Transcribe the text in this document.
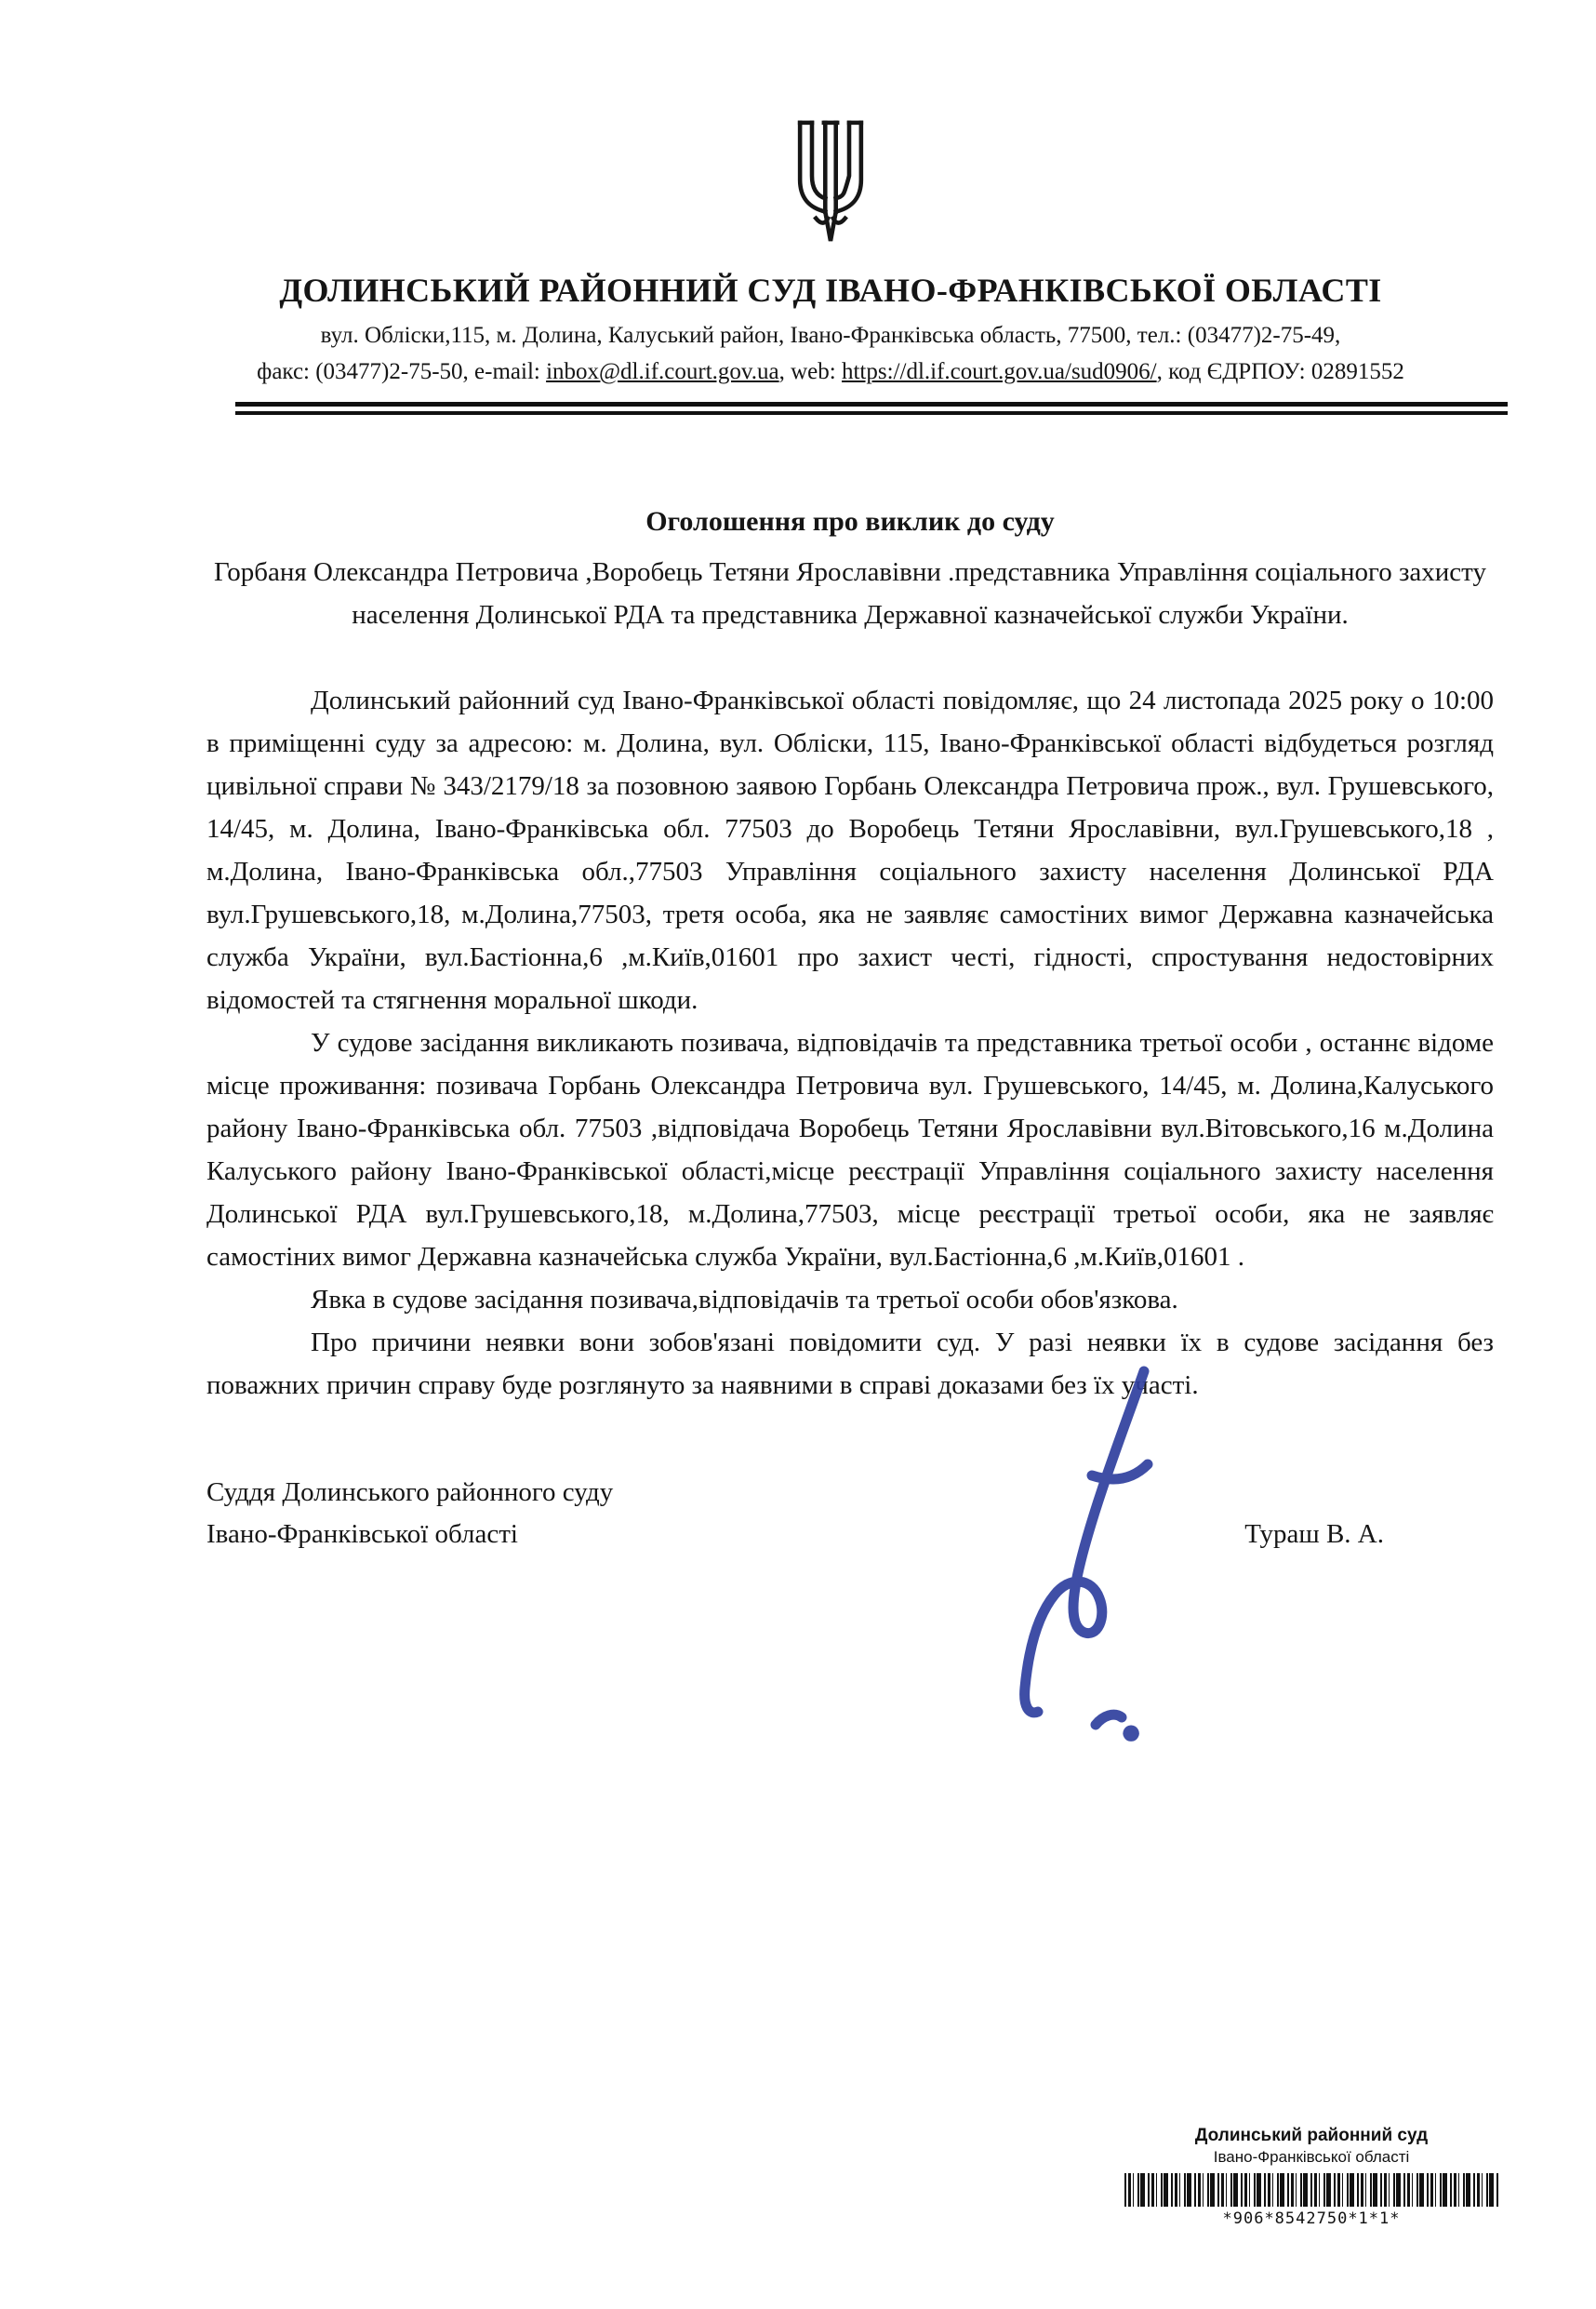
ДОЛИНСЬКИЙ РАЙОННИЙ СУД ІВАНО-ФРАНКІВСЬКОЇ ОБЛАСТІ
вул. Обліски,115, м. Долина, Калуський район, Івано-Франківська область, 77500, тел.: (03477)2-75-49,
факс: (03477)2-75-50, e-mail: inbox@dl.if.court.gov.ua, web: https://dl.if.court.gov.ua/sud0906/, код ЄДРПОУ: 02891552
Оголошення про виклик до суду

Горбаня Олександра Петровича ,Воробець Тетяни Ярославівни .представника Управління соціального захисту населення Долинської РДА та представника Державної казначейської служби України.

Долинський районний суд Івано-Франківської області повідомляє, що 24 листопада 2025 року о 10:00 в приміщенні суду за адресою: м. Долина, вул. Обліски, 115, Івано-Франківської області відбудеться розгляд цивільної справи № 343/2179/18 за позовною заявою Горбань Олександра Петровича прож., вул. Грушевського, 14/45, м. Долина, Івано-Франківська обл. 77503 до Воробець Тетяни Ярославівни, вул.Грушевського,18 , м.Долина, Івано-Франківська обл.,77503 Управління соціального захисту населення Долинської РДА вул.Грушевського,18, м.Долина,77503, третя особа, яка не заявляє самостіних вимог Державна казначейська служба України, вул.Бастіонна,6 ,м.Київ,01601 про захист честі, гідності, спростування недостовірних відомостей та стягнення моральної шкоди.

У судове засідання викликають позивача, відповідачів та представника третьої особи , останнє відоме місце проживання: позивача Горбань Олександра Петровича вул. Грушевського, 14/45, м. Долина,Калуського району Івано-Франківська обл. 77503 ,відповідача Воробець Тетяни Ярославівни вул.Вітовського,16 м.Долина Калуського району Івано-Франківської області,місце реєстрації Управління соціального захисту населення Долинської РДА вул.Грушевського,18, м.Долина,77503, місце реєстрації третьої особи, яка не заявляє самостіних вимог Державна казначейська служба України, вул.Бастіонна,6 ,м.Київ,01601 .

Явка в судове засідання позивача,відповідачів та третьої особи обов'язкова.

Про причини неявки вони зобов'язані повідомити суд. У разі неявки їх в судове засідання без поважних причин справу буде розглянуто за наявними в справі доказами без їх участі.

Суддя Долинського районного суду
Івано-Франківської області	Тураш В. А.
Долинський районний суд
Івано-Франківської області
*906*8542750*1*1*
